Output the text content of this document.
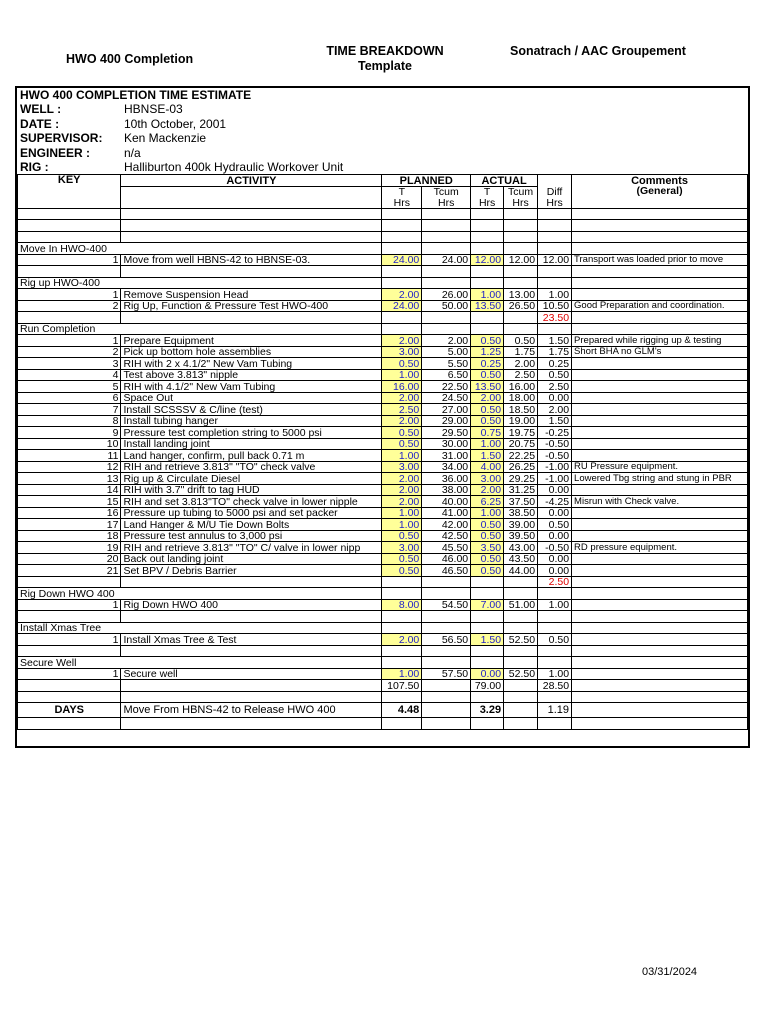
HWO 400 Completion
TIME BREAKDOWN
Template
Sonatrach / AAC Groupement
HWO 400 COMPLETION TIME ESTIMATE
WELL :	HBNSE-03
DATE :	10th October, 2001
SUPERVISOR: Ken Mackenzie
ENGINEER :	n/a
RIG :	Halliburton 400k Hydraulic Workover Unit
KEY	ACTIVITY	PLANNED		ACTUAL			Comments
		T	Tcum	T	Tcum	Diff	(General)
		Hrs	Hrs	Hrs	Hrs	Hrs	

Move In HWO-400							
1	Move from well HBNS-42 to HBNSE-03.	24.00	24.00	12.00	12.00	12.00	Transport was loaded prior to move

Rig up HWO-400							
1	Remove Suspension Head	2.00	26.00	1.00	13.00	1.00	
2	Rig Up, Function & Pressure Test HWO-400	24.00	50.00	13.50	26.50	10.50	Good Preparation and coordination.
						23.50	
Run Completion							
1	Prepare Equipment	2.00	2.00	0.50	0.50	1.50	Prepared while rigging up & testing
2	Pick up bottom hole assemblies	3.00	5.00	1.25	1.75	1.75	Short BHA no GLM's
3	RIH with 2 x 4.1/2" New Vam Tubing	0.50	5.50	0.25	2.00	0.25	
4	Test above 3.813" nipple	1.00	6.50	0.50	2.50	0.50	
5	RIH with 4.1/2" New Vam Tubing	16.00	22.50	13.50	16.00	2.50	
6	Space Out	2.00	24.50	2.00	18.00	0.00	
7	Install SCSSSV & C/line (test)	2.50	27.00	0.50	18.50	2.00	
8	Install tubing hanger	2.00	29.00	0.50	19.00	1.50	
9	Pressure test completion string to 5000 psi	0.50	29.50	0.75	19.75	-0.25	
10	Install landing joint	0.50	30.00	1.00	20.75	-0.50	
11	Land hanger, confirm, pull back 0.71 m	1.00	31.00	1.50	22.25	-0.50	
12	RIH and retrieve 3.813" "TO" check valve	3.00	34.00	4.00	26.25	-1.00	RU Pressure equipment.
13	Rig up & Circulate Diesel	2.00	36.00	3.00	29.25	-1.00	Lowered Tbg string and stung in PBR
14	RIH with 3.7" drift to tag HUD	2.00	38.00	2.00	31.25	0.00	
15	RIH and set 3.813"TO" check valve in lower nipple	2.00	40.00	6.25	37.50	-4.25	Misrun with Check valve.
16	Pressure up tubing to 5000 psi and set packer	1.00	41.00	1.00	38.50	0.00	
17	Land Hanger & M/U Tie Down Bolts	1.00	42.00	0.50	39.00	0.50	
18	Pressure test annulus to 3,000 psi	0.50	42.50	0.50	39.50	0.00	
19	RIH and retrieve 3.813" "TO" C/ valve in lower nipp	3.00	45.50	3.50	43.00	-0.50	RD pressure equipment.
20	Back out landing joint	0.50	46.00	0.50	43.50	0.00	
21	Set BPV / Debris Barrier	0.50	46.50	0.50	44.00	0.00	
						2.50	
Rig Down HWO 400							
1	Rig Down HWO 400	8.00	54.50	7.00	51.00	1.00	

Install Xmas Tree							
1	Install Xmas Tree & Test	2.00	56.50	1.50	52.50	0.50	

Secure Well							
1	Secure well	1.00	57.50	0.00	52.50	1.00	
		107.50		79.00		28.50	

DAYS	Move From HBNS-42 to Release HWO 400	4.48		3.29		1.19	

03/31/2024
